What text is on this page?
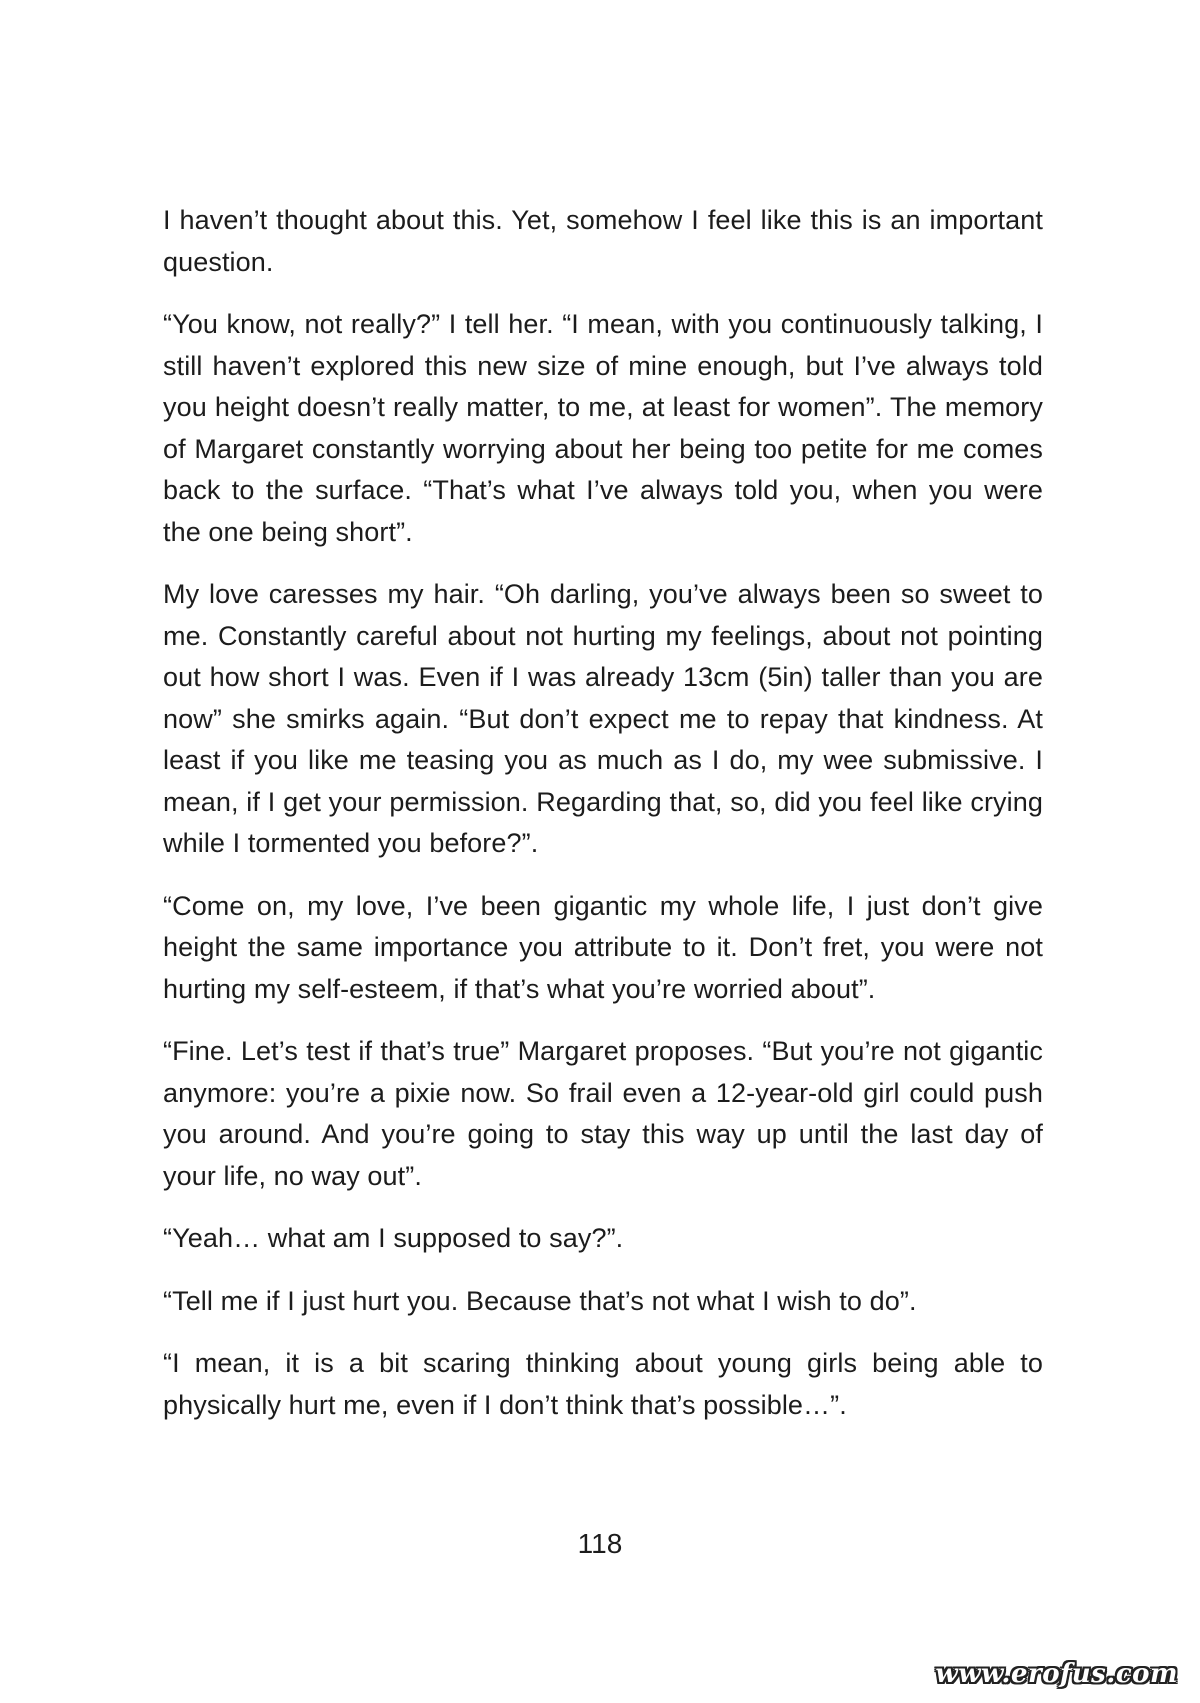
I haven’t thought about this. Yet, somehow I feel like this is an important question.

“You know, not really?” I tell her. “I mean, with you continuously talking, I still haven’t explored this new size of mine enough, but I’ve always told you height doesn’t really matter, to me, at least for women”. The memory of Margaret constantly worrying about her being too petite for me comes back to the surface. “That’s what I’ve always told you, when you were the one being short”.

My love caresses my hair. “Oh darling, you’ve always been so sweet to me. Constantly careful about not hurting my feelings, about not pointing out how short I was. Even if I was already 13cm (5in) taller than you are now” she smirks again. “But don’t expect me to repay that kindness. At least if you like me teasing you as much as I do, my wee submissive. I mean, if I get your permission. Regarding that, so, did you feel like crying while I tormented you before?”.

“Come on, my love, I’ve been gigantic my whole life, I just don’t give height the same importance you attribute to it. Don’t fret, you were not hurting my self-esteem, if that’s what you’re worried about”.

“Fine. Let’s test if that’s true” Margaret proposes. “But you’re not gigantic anymore: you’re a pixie now. So frail even a 12-year-old girl could push you around. And you’re going to stay this way up until the last day of your life, no way out”.

“Yeah… what am I supposed to say?”.

“Tell me if I just hurt you. Because that’s not what I wish to do”.

“I mean, it is a bit scaring thinking about young girls being able to physically hurt me, even if I don’t think that’s possible…”.

118
www.erofus.com
